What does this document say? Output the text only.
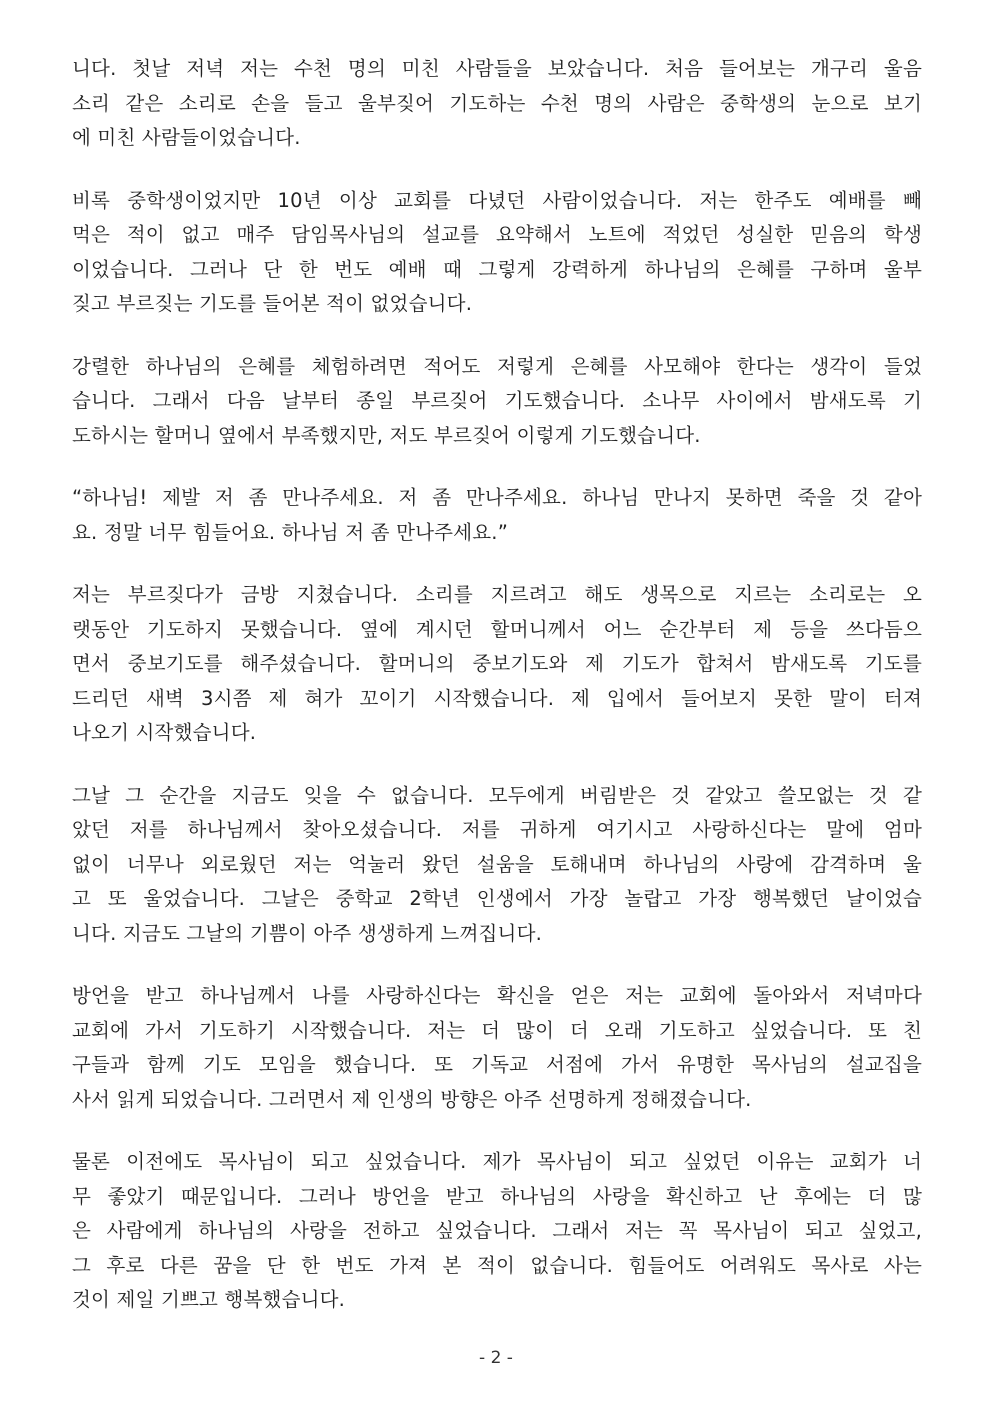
니다. 첫날 저녁 저는 수천 명의 미친 사람들을 보았습니다. 처음 들어보는 개구리 울음
소리 같은 소리로 손을 들고 울부짖어 기도하는 수천 명의 사람은 중학생의 눈으로 보기
에 미친 사람들이었습니다.

비록 중학생이었지만 10년 이상 교회를 다녔던 사람이었습니다. 저는 한주도 예배를 빼
먹은 적이 없고 매주 담임목사님의 설교를 요약해서 노트에 적었던 성실한 믿음의 학생
이었습니다. 그러나 단 한 번도 예배 때 그렇게 강력하게 하나님의 은혜를 구하며 울부
짖고 부르짖는 기도를 들어본 적이 없었습니다.

강렬한 하나님의 은혜를 체험하려면 적어도 저렇게 은혜를 사모해야 한다는 생각이 들었
습니다. 그래서 다음 날부터 종일 부르짖어 기도했습니다. 소나무 사이에서 밤새도록 기
도하시는 할머니 옆에서 부족했지만, 저도 부르짖어 이렇게 기도했습니다.

“하나님! 제발 저 좀 만나주세요. 저 좀 만나주세요. 하나님 만나지 못하면 죽을 것 같아
요. 정말 너무 힘들어요. 하나님 저 좀 만나주세요.”

저는 부르짖다가 금방 지쳤습니다. 소리를 지르려고 해도 생목으로 지르는 소리로는 오
랫동안 기도하지 못했습니다. 옆에 계시던 할머니께서 어느 순간부터 제 등을 쓰다듬으
면서 중보기도를 해주셨습니다. 할머니의 중보기도와 제 기도가 합쳐서 밤새도록 기도를
드리던 새벽 3시쯤 제 혀가 꼬이기 시작했습니다. 제 입에서 들어보지 못한 말이 터져
나오기 시작했습니다.

그날 그 순간을 지금도 잊을 수 없습니다. 모두에게 버림받은 것 같았고 쓸모없는 것 같
았던 저를 하나님께서 찾아오셨습니다. 저를 귀하게 여기시고 사랑하신다는 말에 엄마
없이 너무나 외로웠던 저는 억눌러 왔던 설움을 토해내며 하나님의 사랑에 감격하며 울
고 또 울었습니다. 그날은 중학교 2학년 인생에서 가장 놀랍고 가장 행복했던 날이었습
니다. 지금도 그날의 기쁨이 아주 생생하게 느껴집니다.

방언을 받고 하나님께서 나를 사랑하신다는 확신을 얻은 저는 교회에 돌아와서 저녁마다
교회에 가서 기도하기 시작했습니다. 저는 더 많이 더 오래 기도하고 싶었습니다. 또 친
구들과 함께 기도 모임을 했습니다. 또 기독교 서점에 가서 유명한 목사님의 설교집을
사서 읽게 되었습니다. 그러면서 제 인생의 방향은 아주 선명하게 정해졌습니다.

물론 이전에도 목사님이 되고 싶었습니다. 제가 목사님이 되고 싶었던 이유는 교회가 너
무 좋았기 때문입니다. 그러나 방언을 받고 하나님의 사랑을 확신하고 난 후에는 더 많
은 사람에게 하나님의 사랑을 전하고 싶었습니다. 그래서 저는 꼭 목사님이 되고 싶었고,
그 후로 다른 꿈을 단 한 번도 가져 본 적이 없습니다. 힘들어도 어려워도 목사로 사는
것이 제일 기쁘고 행복했습니다.

- 2 -
